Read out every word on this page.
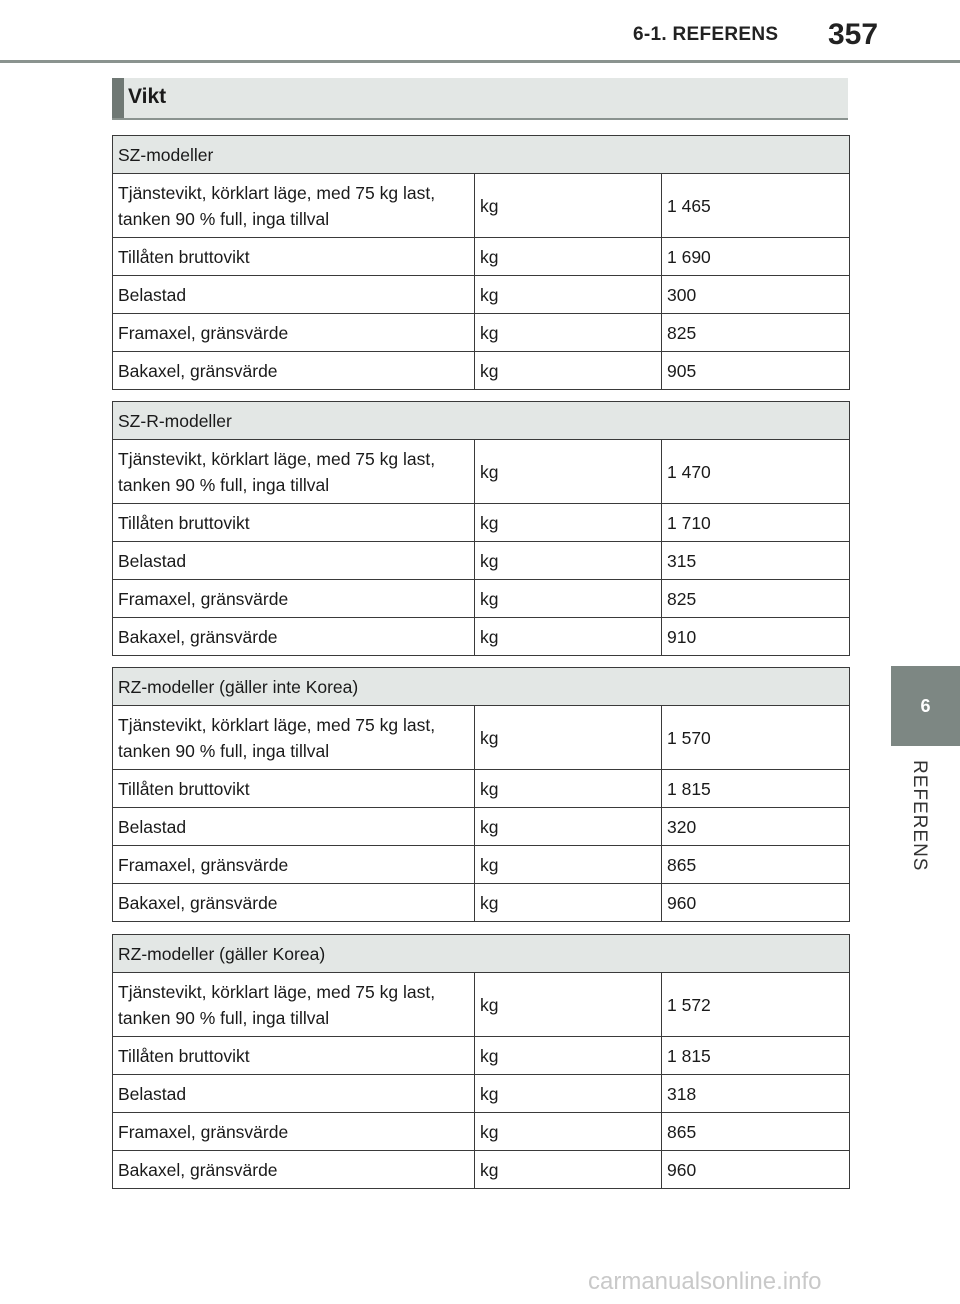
6-1. REFERENS 357
6
REFERENS
Vikt
SZ-modeller		
Tjänstevikt, körklart läge, med 75 kg last, tanken 90 % full, inga tillval	kg	1 465
Tillåten bruttovikt	kg	1 690
Belastad	kg	300
Framaxel, gränsvärde	kg	825
Bakaxel, gränsvärde	kg	905
SZ-R-modeller		
Tjänstevikt, körklart läge, med 75 kg last, tanken 90 % full, inga tillval	kg	1 470
Tillåten bruttovikt	kg	1 710
Belastad	kg	315
Framaxel, gränsvärde	kg	825
Bakaxel, gränsvärde	kg	910
RZ-modeller (gäller inte Korea)		
Tjänstevikt, körklart läge, med 75 kg last, tanken 90 % full, inga tillval	kg	1 570
Tillåten bruttovikt	kg	1 815
Belastad	kg	320
Framaxel, gränsvärde	kg	865
Bakaxel, gränsvärde	kg	960
RZ-modeller (gäller Korea)		
Tjänstevikt, körklart läge, med 75 kg last, tanken 90 % full, inga tillval	kg	1 572
Tillåten bruttovikt	kg	1 815
Belastad	kg	318
Framaxel, gränsvärde	kg	865
Bakaxel, gränsvärde	kg	960
carmanualsonline.info
